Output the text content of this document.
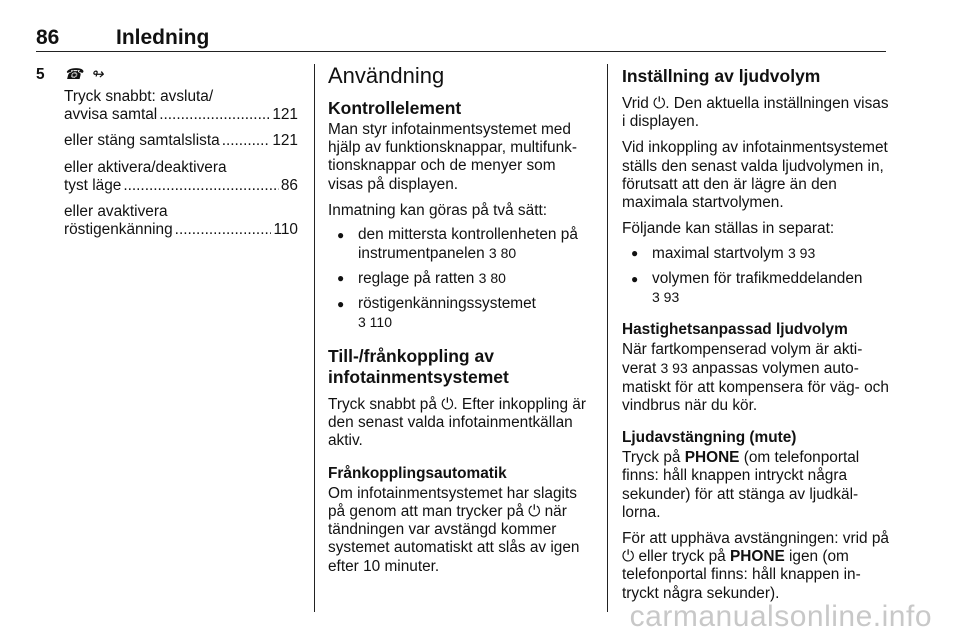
86	Inledning
5	☎ ↬
Tryck snabbt: avsluta/
avvisa samtal .....	121
eller stäng samtalslista .....	121
eller aktivera/deaktivera
tyst läge .....	86
eller avaktivera
röstigenkänning .....	110
Användning
Kontrollelement

Man styr infotainmentsystemet med hjälp av funktionsknappar, multifunktionsknappar och de menyer som visas på displayen.

Inmatning kan göras på två sätt:

● den mittersta kontrollenheten på instrumentpanelen 3 80
● reglage på ratten 3 80
● röstigenkänningssystemet
3 110
Till-/frånkoppling av infotainmentsystemet

Tryck snabbt på ⏻. Efter inkoppling är den senast valda infotainmentkällan aktiv.

Frånkopplingsautomatik

Om infotainmentsystemet har slagits på genom att man trycker på ⏻ när tändningen var avstängd kommer systemet automatiskt att slås av igen efter 10 minuter.

Inställning av ljudvolym

Vrid ⏻. Den aktuella inställningen visas i displayen.

Vid inkoppling av infotainmentsystemet ställs den senast valda ljudvolymen in, förutsatt att den är lägre än den maximala startvolymen.

Följande kan ställas in separat:

● maximal startvolym 3 93
● volymen för trafikmeddelanden
3 93
Hastighetsanpassad ljudvolym

När fartkompenserad volym är aktiverat 3 93 anpassas volymen automatiskt för att kompensera för väg- och vindbrus när du kör.

Ljudavstängning (mute)

Tryck på PHONE (om telefonportal finns: håll knappen intryckt några sekunder) för att stänga av ljudkällorna.

För att upphäva avstängningen: vrid på ⏻ eller tryck på PHONE igen (om telefonportal finns: håll knappen intryckt några sekunder).

carmanualsonline.info
